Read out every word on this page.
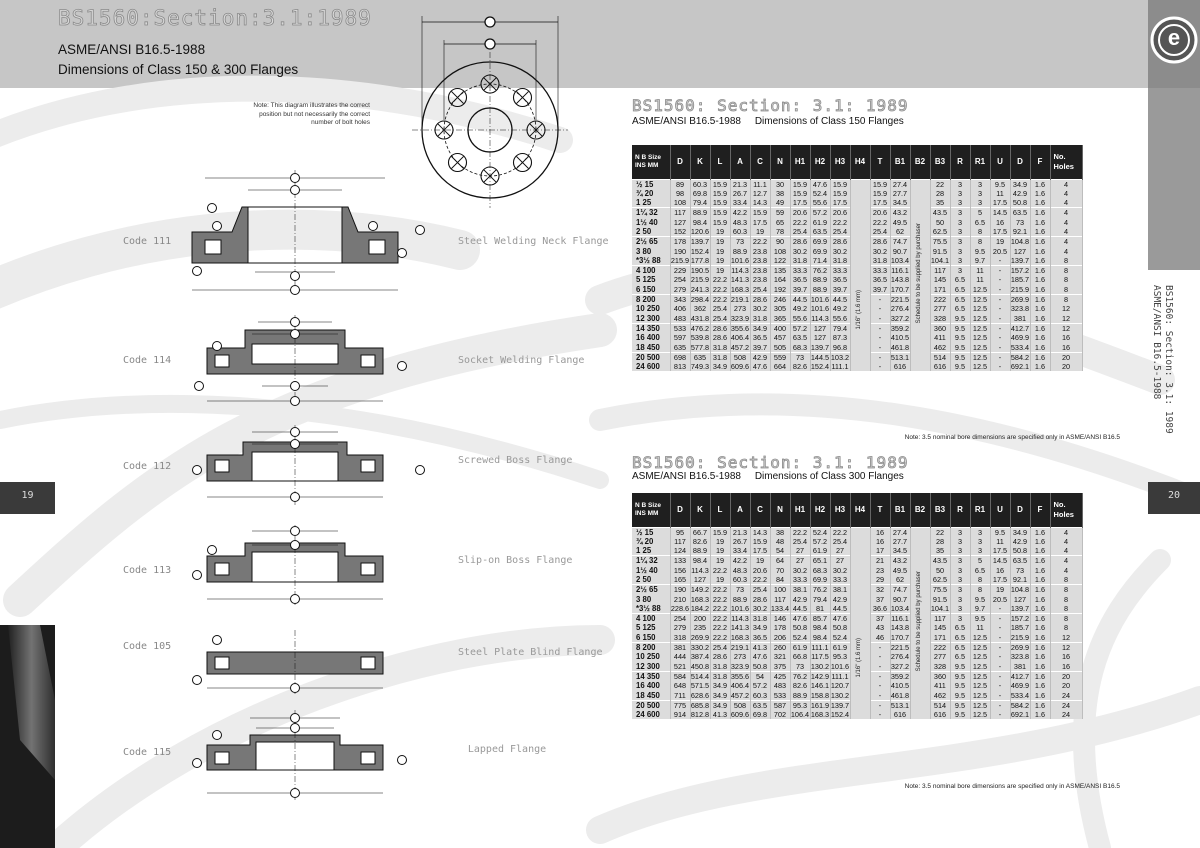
BS1560:Section:3.1:1989
ASME/ANSI B16.5-1988
Dimensions of Class 150 & 300 Flanges
Note: This diagram illustrates the correct position but not necessarily the correct number of bolt holes
Code 111	Steel Welding Neck Flange
Code 114	Socket Welding Flange
Code 112
Screwed Boss Flange
Code 113
Slip-on Boss Flange
Code 105
Steel Plate Blind Flange
Code 115	Lapped Flange
19
e
BS1560: Section: 3.1: 1989
ASME/ANSI B16.5-1988
20
BS1560: Section: 3.1: 1989
ASME/ANSI B16.5-1988     Dimensions of Class 150 Flanges
N B Size INS MM	D	K	L	A	C	N	H1	H2	H3	H4	T	B1	B2	B3	R	R1	U	D	F	No. Holes
½ 15	89	60.3	15.9	21.3	11.1	30	15.9	47.6	15.9	1/16" (1.6 mm)	15.9	27.4	Schedule to be supplied by purchaser	22	3	3	9.5	34.9	1.6	4
¾ 20	98	69.8	15.9	26.7	12.7	38	15.9	52.4	15.9		15.9	27.7		28	3	3	11	42.9	1.6	4
1 25	108	79.4	15.9	33.4	14.3	49	17.5	55.6	17.5		17.5	34.5		35	3	3	17.5	50.8	1.6	4
1¼ 32	117	88.9	15.9	42.2	15.9	59	20.6	57.2	20.6		20.6	43.2		43.5	3	5	14.5	63.5	1.6	4
1½ 40	127	98.4	15.9	48.3	17.5	65	22.2	61.9	22.2		22.2	49.5		50	3	6.5	16	73	1.6	4
2 50	152	120.6	19	60.3	19	78	25.4	63.5	25.4		25.4	62		62.5	3	8	17.5	92.1	1.6	4
2½ 65	178	139.7	19	73	22.2	90	28.6	69.9	28.6		28.6	74.7		75.5	3	8	19	104.8	1.6	4
3 80	190	152.4	19	88.9	23.8	108	30.2	69.9	30.2		30.2	90.7		91.5	3	9.5	20.5	127	1.6	4
*3½ 88	215.9	177.8	19	101.6	23.8	122	31.8	71.4	31.8		31.8	103.4		104.1	3	9.7	-	139.7	1.6	8
4 100	229	190.5	19	114.3	23.8	135	33.3	76.2	33.3		33.3	116.1		117	3	11	-	157.2	1.6	8
5 125	254	215.9	22.2	141.3	23.8	164	36.5	88.9	36.5		36.5	143.8		145	6.5	11	-	185.7	1.6	8
6 150	279	241.3	22.2	168.3	25.4	192	39.7	88.9	39.7		39.7	170.7		171	6.5	12.5	-	215.9	1.6	8
8 200	343	298.4	22.2	219.1	28.6	246	44.5	101.6	44.5		-	221.5		222	6.5	12.5	-	269.9	1.6	8
10 250	406	362	25.4	273	30.2	305	49.2	101.6	49.2		-	276.4		277	6.5	12.5	-	323.8	1.6	12
12 300	483	431.8	25.4	323.9	31.8	365	55.6	114.3	55.6		-	327.2		328	9.5	12.5	-	381	1.6	12
14 350	533	476.2	28.6	355.6	34.9	400	57.2	127	79.4		-	359.2		360	9.5	12.5	-	412.7	1.6	12
16 400	597	539.8	28.6	406.4	36.5	457	63.5	127	87.3		-	410.5		411	9.5	12.5	-	469.9	1.6	16
18 450	635	577.8	31.8	457.2	39.7	505	68.3	139.7	96.8		-	461.8		462	9.5	12.5	-	533.4	1.6	16
20 500	698	635	31.8	508	42.9	559	73	144.5	103.2		-	513.1		514	9.5	12.5	-	584.2	1.6	20
24 600	813	749.3	34.9	609.6	47.6	664	82.6	152.4	111.1		-	616		616	9.5	12.5	-	692.1	1.6	20
Note: 3.5 nominal bore dimensions are specified only in ASME/ANSI B16.5
BS1560: Section: 3.1: 1989
ASME/ANSI B16.5-1988     Dimensions of Class 300 Flanges
N B Size INS MM	D	K	L	A	C	N	H1	H2	H3	H4	T	B1	B2	B3	R	R1	U	D	F	No. Holes
½ 15	95	66.7	15.9	21.3	14.3	38	22.2	52.4	22.2	1/16" (1.6 mm)	16	27.4	Schedule to be supplied by purchaser	22	3	3	9.5	34.9	1.6	4
¾ 20	117	82.6	19	26.7	15.9	48	25.4	57.2	25.4		16	27.7		28	3	3	11	42.9	1.6	4
1 25	124	88.9	19	33.4	17.5	54	27	61.9	27		17	34.5		35	3	3	17.5	50.8	1.6	4
1¼ 32	133	98.4	19	42.2	19	64	27	65.1	27		21	43.2		43.5	3	5	14.5	63.5	1.6	4
1½ 40	156	114.3	22.2	48.3	20.6	70	30.2	68.3	30.2		23	49.5		50	3	6.5	16	73	1.6	4
2 50	165	127	19	60.3	22.2	84	33.3	69.9	33.3		29	62		62.5	3	8	17.5	92.1	1.6	8
2½ 65	190	149.2	22.2	73	25.4	100	38.1	76.2	38.1		32	74.7		75.5	3	8	19	104.8	1.6	8
3 80	210	168.3	22.2	88.9	28.6	117	42.9	79.4	42.9		37	90.7		91.5	3	9.5	20.5	127	1.6	8
*3½ 88	228.6	184.2	22.2	101.6	30.2	133.4	44.5	81	44.5		36.6	103.4		104.1	3	9.7	-	139.7	1.6	8
4 100	254	200	22.2	114.3	31.8	146	47.6	85.7	47.6		37	116.1		117	3	9.5	-	157.2	1.6	8
5 125	279	235	22.2	141.3	34.9	178	50.8	98.4	50.8		43	143.8		145	6.5	11	-	185.7	1.6	8
6 150	318	269.9	22.2	168.3	36.5	206	52.4	98.4	52.4		46	170.7		171	6.5	12.5	-	215.9	1.6	12
8 200	381	330.2	25.4	219.1	41.3	260	61.9	111.1	61.9		-	221.5		222	6.5	12.5	-	269.9	1.6	12
10 250	444	387.4	28.6	273	47.6	321	66.8	117.5	95.3		-	276.4		277	6.5	12.5	-	323.8	1.6	16
12 300	521	450.8	31.8	323.9	50.8	375	73	130.2	101.6		-	327.2		328	9.5	12.5	-	381	1.6	16
14 350	584	514.4	31.8	355.6	54	425	76.2	142.9	111.1		-	359.2		360	9.5	12.5	-	412.7	1.6	20
16 400	648	571.5	34.9	406.4	57.2	483	82.6	146.1	120.7		-	410.5		411	9.5	12.5	-	469.9	1.6	20
18 450	711	628.6	34.9	457.2	60.3	533	88.9	158.8	130.2		-	461.8		462	9.5	12.5	-	533.4	1.6	24
20 500	775	685.8	34.9	508	63.5	587	95.3	161.9	139.7		-	513.1		514	9.5	12.5	-	584.2	1.6	24
24 600	914	812.8	41.3	609.6	69.8	702	106.4	168.3	152.4		-	616		616	9.5	12.5	-	692.1	1.6	24
Note: 3.5 nominal bore dimensions are specified only in ASME/ANSI B16.5
